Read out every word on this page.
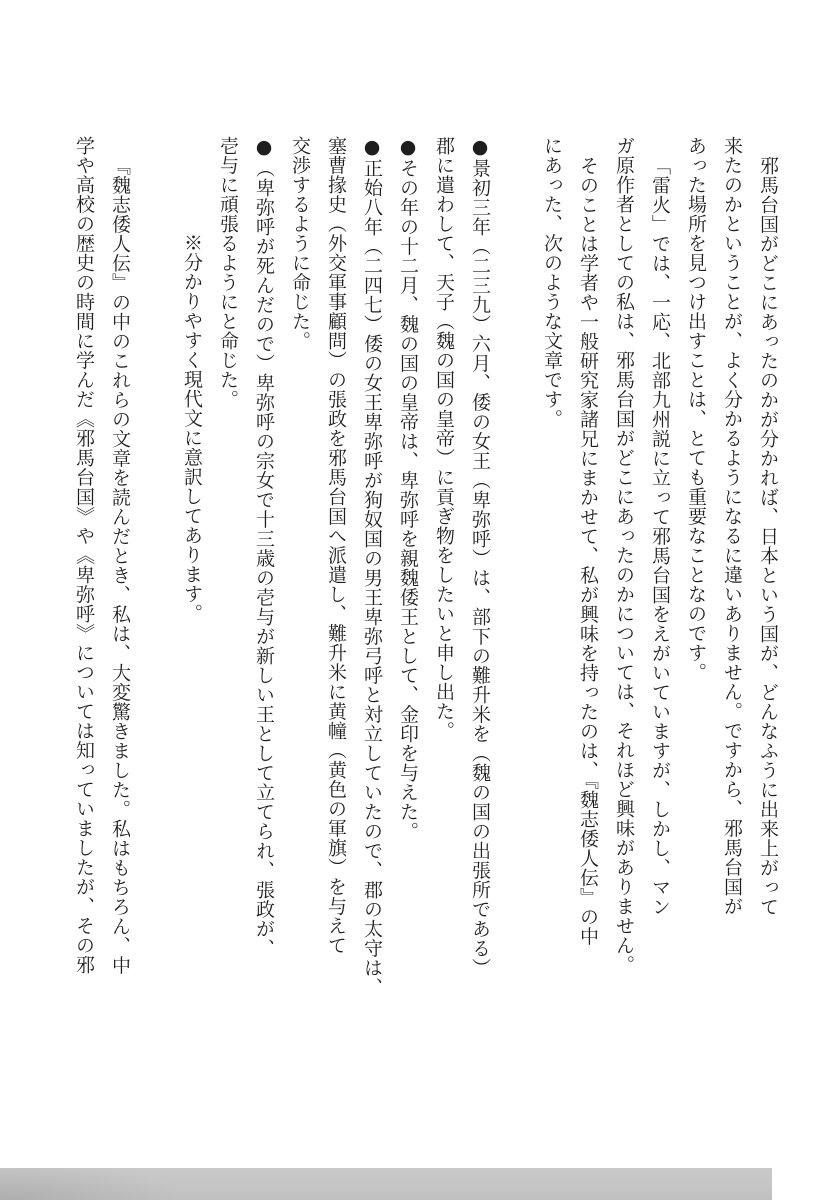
邪馬台国がどこにあったのかが分かれば、日本という国が、どんなふうに出来上がって
来たのかということが、よく分かるようになるに違いありません。ですから、邪馬台国が
あった場所を見つけ出すことは、とても重要なことなのです。
「雷火」では、一応、北部九州説に立って邪馬台国をえがいていますが、しかし、マン
ガ原作者としての私は、邪馬台国がどこにあったのかについては、それほど興味がありません。
そのことは学者や一般研究家諸兄にまかせて、私が興味を持ったのは、『魏志倭人伝』の中
にあった、次のような文章です。
●景初三年（二三九）六月、倭の女王（卑弥呼）は、部下の難升米を（魏の国の出張所である）
郡に遣わして、天子（魏の国の皇帝）に貢ぎ物をしたいと申し出た。
●その年の十二月、魏の国の皇帝は、卑弥呼を親魏倭王として、金印を与えた。
●正始八年（二四七）倭の女王卑弥呼が狗奴国の男王卑弥弓呼と対立していたので、郡の太守は、
塞曹掾史（外交軍事顧問）の張政を邪馬台国へ派遣し、難升米に黄幢（黄色の軍旗）を与えて
交渉するように命じた。
●（卑弥呼が死んだので）卑弥呼の宗女で十三歳の壱与が新しい王として立てられ、張政が、
壱与に頑張るようにと命じた。
※分かりやすく現代文に意訳してあります。
『魏志倭人伝』の中のこれらの文章を読んだとき、私は、大変驚きました。私はもちろん、中
学や高校の歴史の時間に学んだ《邪馬台国》や《卑弥呼》については知っていましたが、その邪
